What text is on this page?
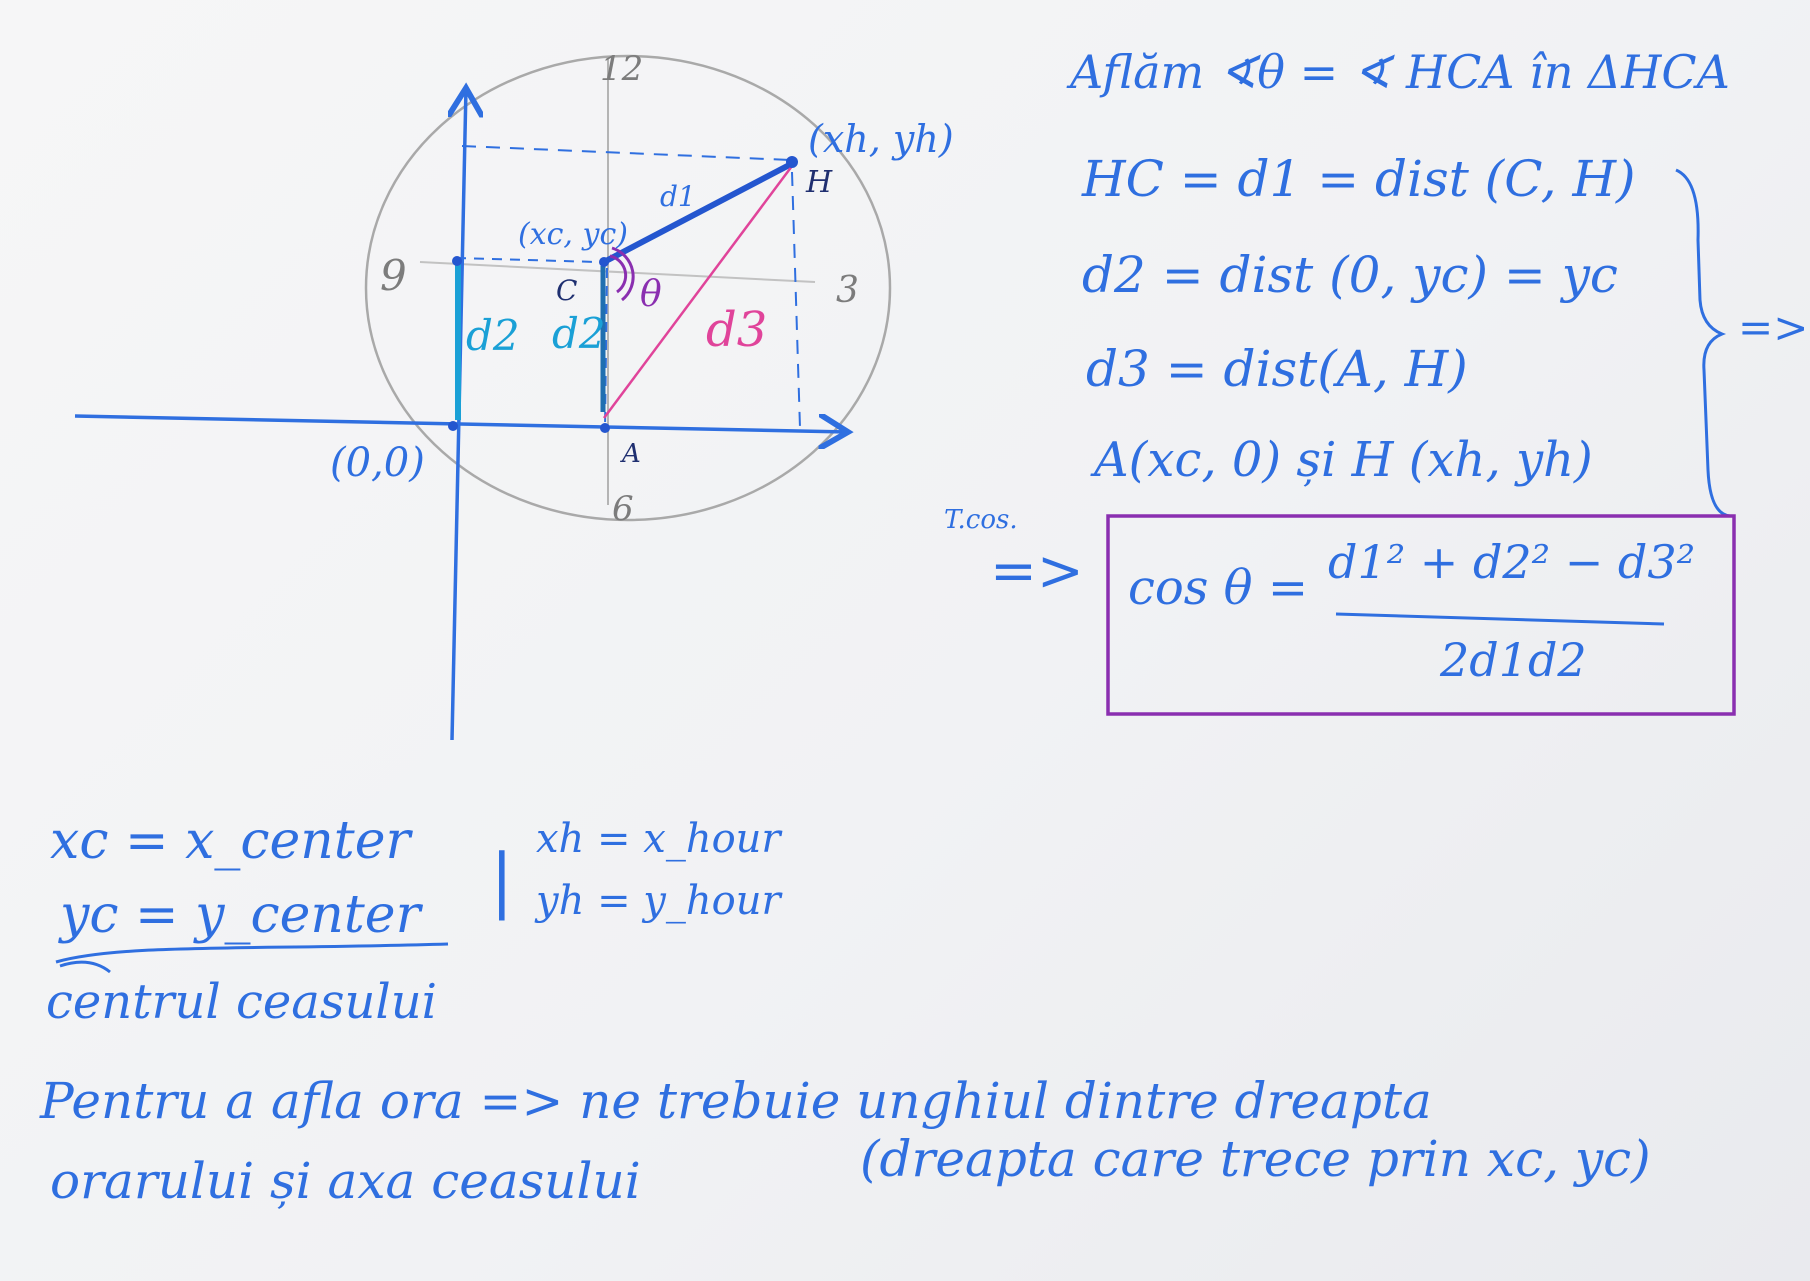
12
3
6
9
(xh, yh)
H
(xc, yc)
C
A
(0,0)
d1
d2 d2 d3
θ
Aflăm ∢θ = ∢ HCA în ΔHCA
HC = d1 = dist (C, H)
d2 = dist (0, yc) = yc
d3 = dist(A, H)
A(xc, 0) și H (xh, yh)
=>
T.cos.
=> cos θ = d1² + d2² − d3²
2d1d2
xc = x_center
yc = y_center
centrul ceasului
| xh = x_hour
yh = y_hour
Pentru a afla ora => ne trebuie unghiul dintre dreapta
(dreapta care trece prin xc, yc)
orarului și axa ceasului
